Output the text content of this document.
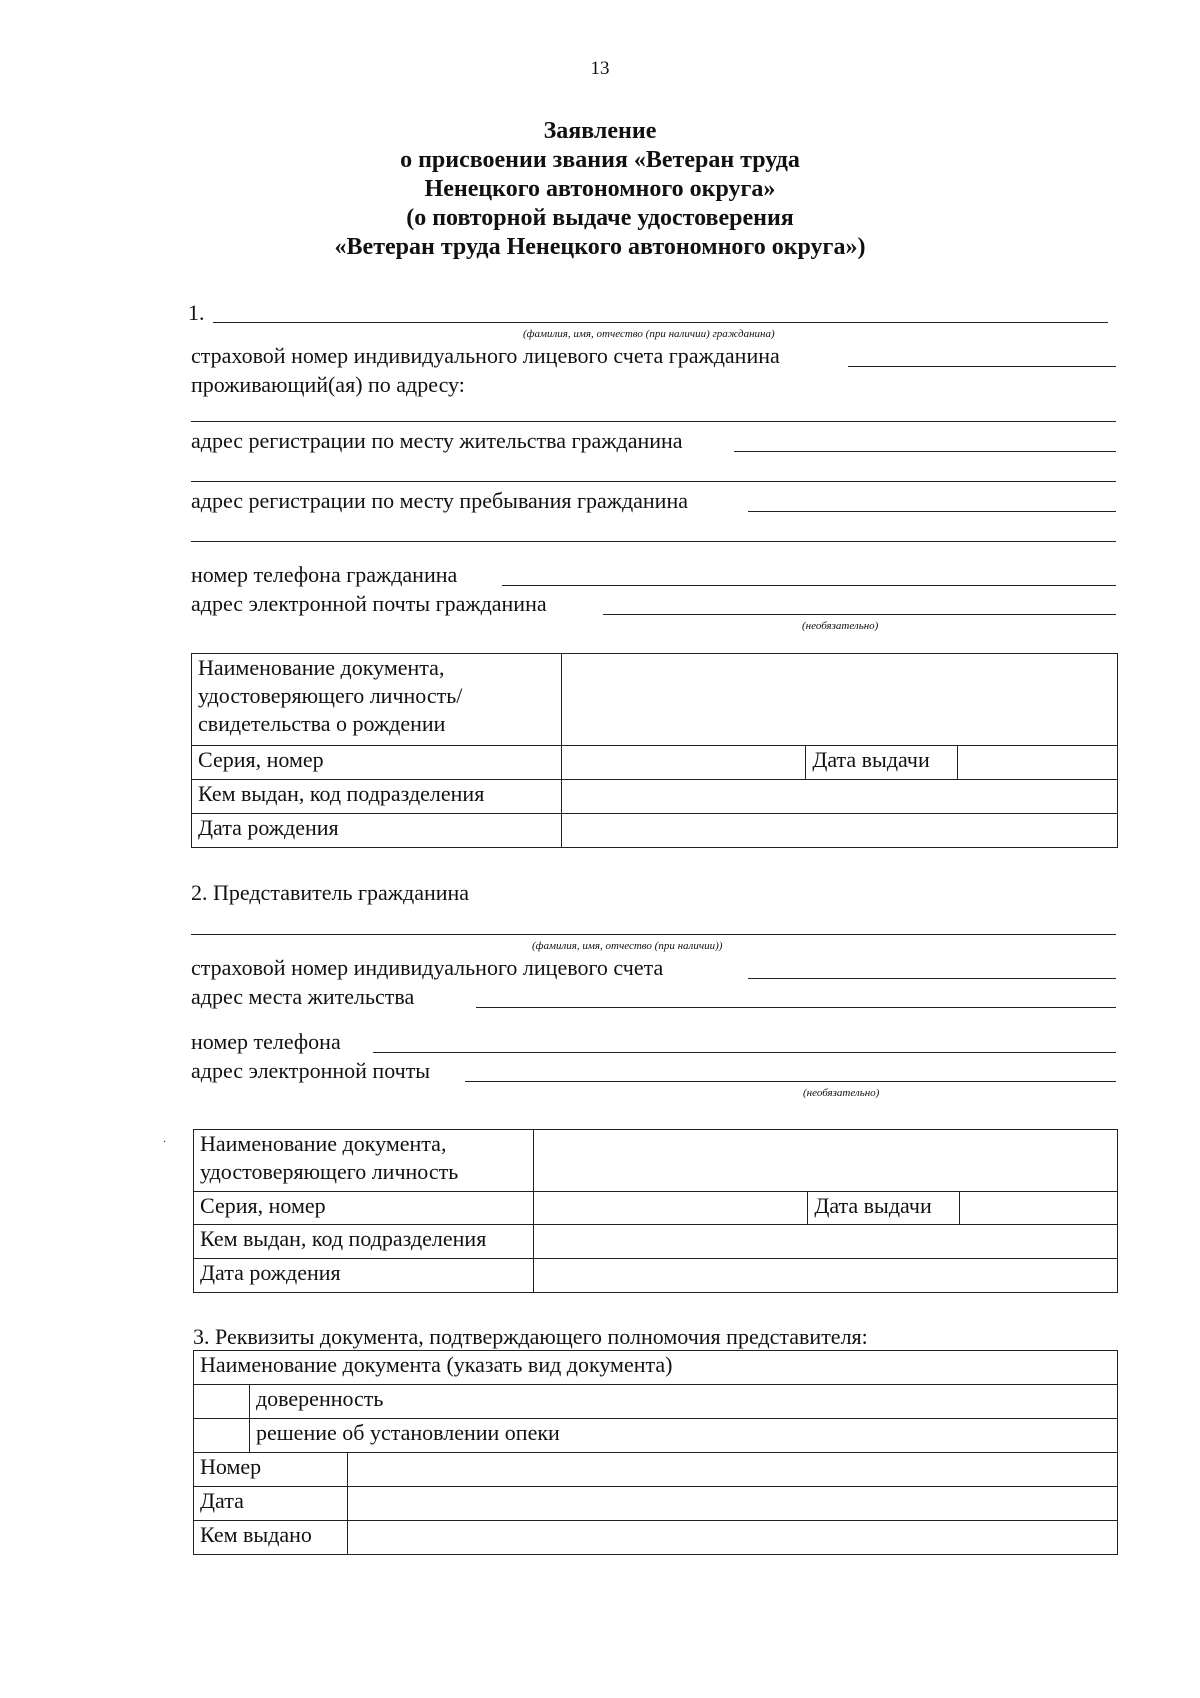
13
Заявление
о присвоении звания «Ветеран труда
Ненецкого автономного округа»
(о повторной выдаче удостоверения
«Ветеран труда Ненецкого автономного округа»)
1.
(фамилия, имя, отчество (при наличии) гражданина)
страховой номер индивидуального лицевого счета гражданина
проживающий(ая) по адресу:
адрес регистрации по месту жительства гражданина
адрес регистрации по месту пребывания гражданина
номер телефона гражданина
адрес электронной почты гражданина
(необязательно)
Наименование документа,
удостоверяющего личность/
свидетельства о рождении			

Серия, номер		Дата выдачи	
Кем выдан, код подразделения			
Дата рождения			
2. Представитель гражданина
(фамилия, имя, отчество (при наличии))
страховой номер индивидуального лицевого счета
адрес места жительства
номер телефона
адрес электронной почты
(необязательно)
· Наименование документа,
удостоверяющего личность			

Серия, номер		Дата выдачи	
Кем выдан, код подразделения			
Дата рождения			
3. Реквизиты документа, подтверждающего полномочия представителя:
Наименование документа (указать вид документа)		
	доверенность	
	решение об установлении опеки	
Номер		
Дата		
Кем выдано		
